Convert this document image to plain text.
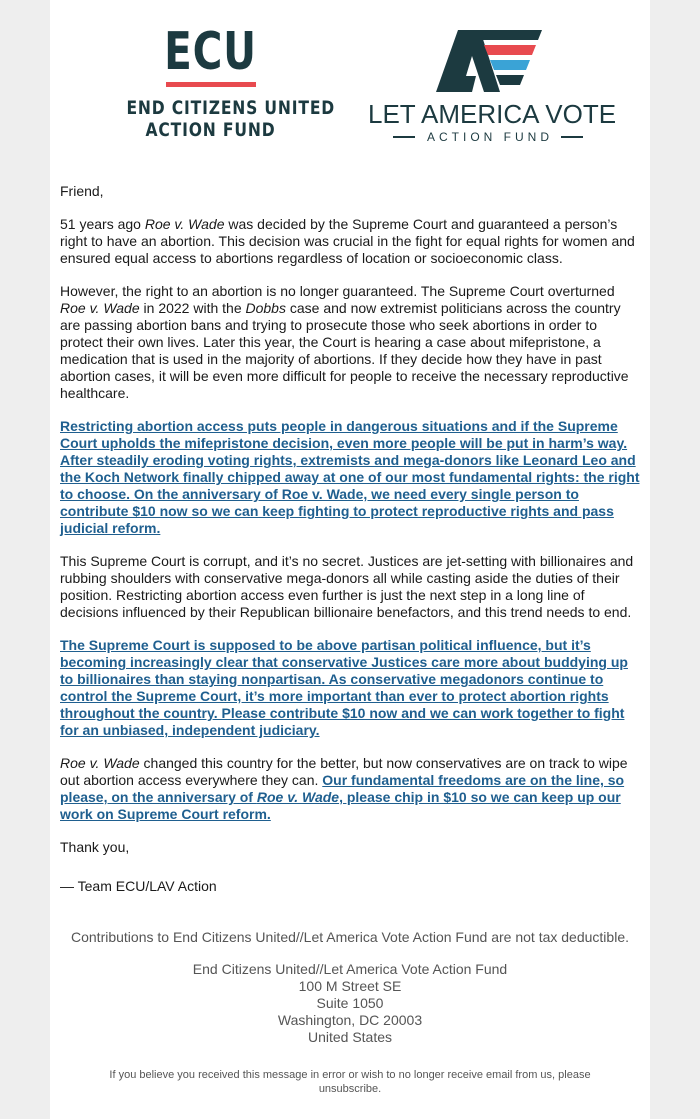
ECU
END CITIZENS UNITED
ACTION FUND
LET AMERICA VOTE
ACTION FUND

Friend,

51 years ago Roe v. Wade was decided by the Supreme Court and guaranteed a person’s right to have an abortion. This decision was crucial in the fight for equal rights for women and ensured equal access to abortions regardless of location or socioeconomic class.

However, the right to an abortion is no longer guaranteed. The Supreme Court overturned Roe v. Wade in 2022 with the Dobbs case and now extremist politicians across the country are passing abortion bans and trying to prosecute those who seek abortions in order to protect their own lives. Later this year, the Court is hearing a case about mifepristone, a medication that is used in the majority of abortions. If they decide how they have in past abortion cases, it will be even more difficult for people to receive the necessary reproductive healthcare.

Restricting abortion access puts people in dangerous situations and if the Supreme Court upholds the mifepristone decision, even more people will be put in harm’s way. After steadily eroding voting rights, extremists and mega-donors like Leonard Leo and the Koch Network finally chipped away at one of our most fundamental rights: the right to choose. On the anniversary of Roe v. Wade, we need every single person to contribute $10 now so we can keep fighting to protect reproductive rights and pass judicial reform.

This Supreme Court is corrupt, and it’s no secret. Justices are jet-setting with billionaires and rubbing shoulders with conservative mega-donors all while casting aside the duties of their position. Restricting abortion access even further is just the next step in a long line of decisions influenced by their Republican billionaire benefactors, and this trend needs to end.

The Supreme Court is supposed to be above partisan political influence, but it’s becoming increasingly clear that conservative Justices care more about buddying up to billionaires than staying nonpartisan. As conservative megadonors continue to control the Supreme Court, it’s more important than ever to protect abortion rights throughout the country. Please contribute $10 now and we can work together to fight for an unbiased, independent judiciary.

Roe v. Wade changed this country for the better, but now conservatives are on track to wipe out abortion access everywhere they can. Our fundamental freedoms are on the line, so please, on the anniversary of Roe v. Wade, please chip in $10 so we can keep up our work on Supreme Court reform.

Thank you,

— Team ECU/LAV Action

Contributions to End Citizens United//Let America Vote Action Fund are not tax deductible.
End Citizens United//Let America Vote Action Fund
100 M Street SE
Suite 1050
Washington, DC 20003
United States
If you believe you received this message in error or wish to no longer receive email from us, please unsubscribe.
